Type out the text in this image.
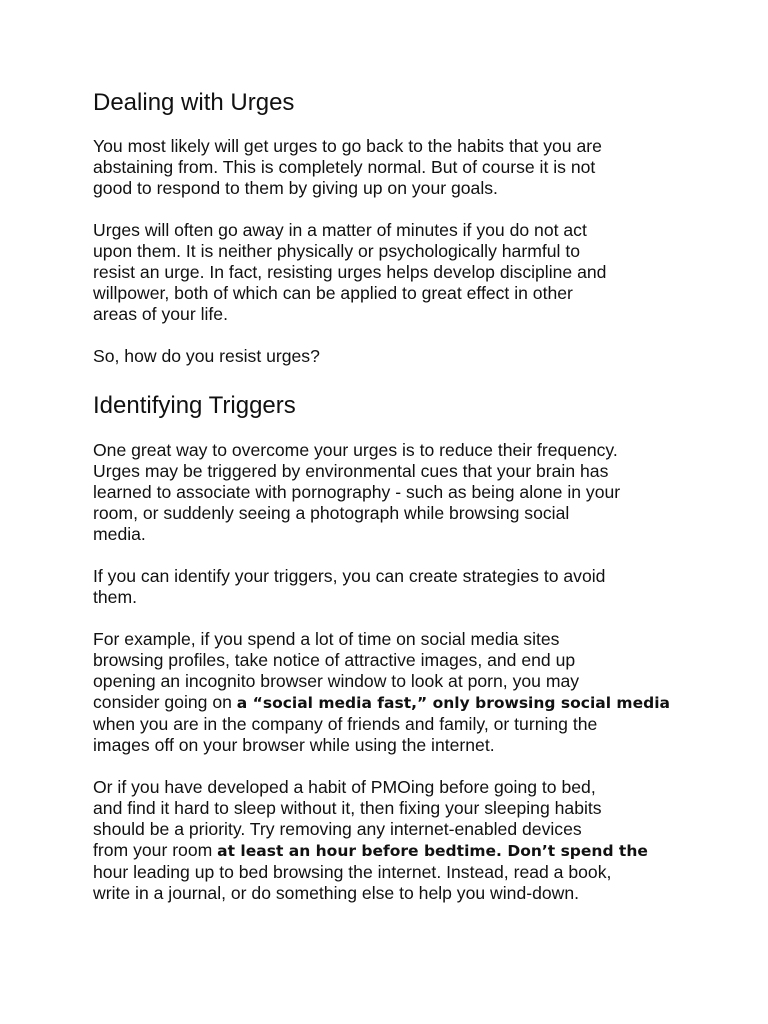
Dealing with Urges

You most likely will get urges to go back to the habits that you are
abstaining from. This is completely normal. But of course it is not
good to respond to them by giving up on your goals.

Urges will often go away in a matter of minutes if you do not act
upon them. It is neither physically or psychologically harmful to
resist an urge. In fact, resisting urges helps develop discipline and
willpower, both of which can be applied to great effect in other
areas of your life.

So, how do you resist urges?

Identifying Triggers

One great way to overcome your urges is to reduce their frequency.
Urges may be triggered by environmental cues that your brain has
learned to associate with pornography - such as being alone in your
room, or suddenly seeing a photograph while browsing social
media.

If you can identify your triggers, you can create strategies to avoid
them.

For example, if you spend a lot of time on social media sites
browsing profiles, take notice of attractive images, and end up
opening an incognito browser window to look at porn, you may
consider going on a “social media fast,” only browsing social media
when you are in the company of friends and family, or turning the
images off on your browser while using the internet.

Or if you have developed a habit of PMOing before going to bed,
and find it hard to sleep without it, then fixing your sleeping habits
should be a priority. Try removing any internet-enabled devices
from your room at least an hour before bedtime. Don’t spend the
hour leading up to bed browsing the internet. Instead, read a book,
write in a journal, or do something else to help you wind-down.
